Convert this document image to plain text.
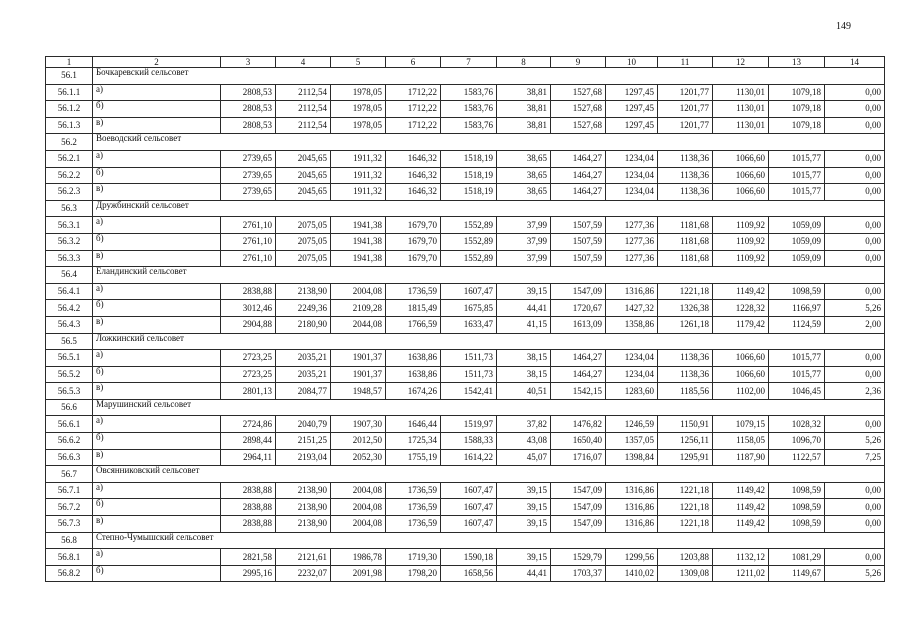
149
1	2	3	4	5	6	7	8	9	10	11	12	13	14
56.1	Бочкаревский сельсовет												
56.1.1	а)	2808,53	2112,54	1978,05	1712,22	1583,76	38,81	1527,68	1297,45	1201,77	1130,01	1079,18	0,00
56.1.2	б)	2808,53	2112,54	1978,05	1712,22	1583,76	38,81	1527,68	1297,45	1201,77	1130,01	1079,18	0,00
56.1.3	в)	2808,53	2112,54	1978,05	1712,22	1583,76	38,81	1527,68	1297,45	1201,77	1130,01	1079,18	0,00
56.2	Воеводский сельсовет												
56.2.1	а)	2739,65	2045,65	1911,32	1646,32	1518,19	38,65	1464,27	1234,04	1138,36	1066,60	1015,77	0,00
56.2.2	б)	2739,65	2045,65	1911,32	1646,32	1518,19	38,65	1464,27	1234,04	1138,36	1066,60	1015,77	0,00
56.2.3	в)	2739,65	2045,65	1911,32	1646,32	1518,19	38,65	1464,27	1234,04	1138,36	1066,60	1015,77	0,00
56.3	Дружбинский сельсовет												
56.3.1	а)	2761,10	2075,05	1941,38	1679,70	1552,89	37,99	1507,59	1277,36	1181,68	1109,92	1059,09	0,00
56.3.2	б)	2761,10	2075,05	1941,38	1679,70	1552,89	37,99	1507,59	1277,36	1181,68	1109,92	1059,09	0,00
56.3.3	в)	2761,10	2075,05	1941,38	1679,70	1552,89	37,99	1507,59	1277,36	1181,68	1109,92	1059,09	0,00
56.4	Еландинский сельсовет												
56.4.1	а)	2838,88	2138,90	2004,08	1736,59	1607,47	39,15	1547,09	1316,86	1221,18	1149,42	1098,59	0,00
56.4.2	б)	3012,46	2249,36	2109,28	1815,49	1675,85	44,41	1720,67	1427,32	1326,38	1228,32	1166,97	5,26
56.4.3	в)	2904,88	2180,90	2044,08	1766,59	1633,47	41,15	1613,09	1358,86	1261,18	1179,42	1124,59	2,00
56.5	Ложкинский сельсовет												
56.5.1	а)	2723,25	2035,21	1901,37	1638,86	1511,73	38,15	1464,27	1234,04	1138,36	1066,60	1015,77	0,00
56.5.2	б)	2723,25	2035,21	1901,37	1638,86	1511,73	38,15	1464,27	1234,04	1138,36	1066,60	1015,77	0,00
56.5.3	в)	2801,13	2084,77	1948,57	1674,26	1542,41	40,51	1542,15	1283,60	1185,56	1102,00	1046,45	2,36
56.6	Марушинский сельсовет												
56.6.1	а)	2724,86	2040,79	1907,30	1646,44	1519,97	37,82	1476,82	1246,59	1150,91	1079,15	1028,32	0,00
56.6.2	б)	2898,44	2151,25	2012,50	1725,34	1588,33	43,08	1650,40	1357,05	1256,11	1158,05	1096,70	5,26
56.6.3	в)	2964,11	2193,04	2052,30	1755,19	1614,22	45,07	1716,07	1398,84	1295,91	1187,90	1122,57	7,25
56.7	Овсянниковский сельсовет												
56.7.1	а)	2838,88	2138,90	2004,08	1736,59	1607,47	39,15	1547,09	1316,86	1221,18	1149,42	1098,59	0,00
56.7.2	б)	2838,88	2138,90	2004,08	1736,59	1607,47	39,15	1547,09	1316,86	1221,18	1149,42	1098,59	0,00
56.7.3	в)	2838,88	2138,90	2004,08	1736,59	1607,47	39,15	1547,09	1316,86	1221,18	1149,42	1098,59	0,00
56.8	Степно-Чумышский сельсовет												
56.8.1	а)	2821,58	2121,61	1986,78	1719,30	1590,18	39,15	1529,79	1299,56	1203,88	1132,12	1081,29	0,00
56.8.2	б)	2995,16	2232,07	2091,98	1798,20	1658,56	44,41	1703,37	1410,02	1309,08	1211,02	1149,67	5,26
